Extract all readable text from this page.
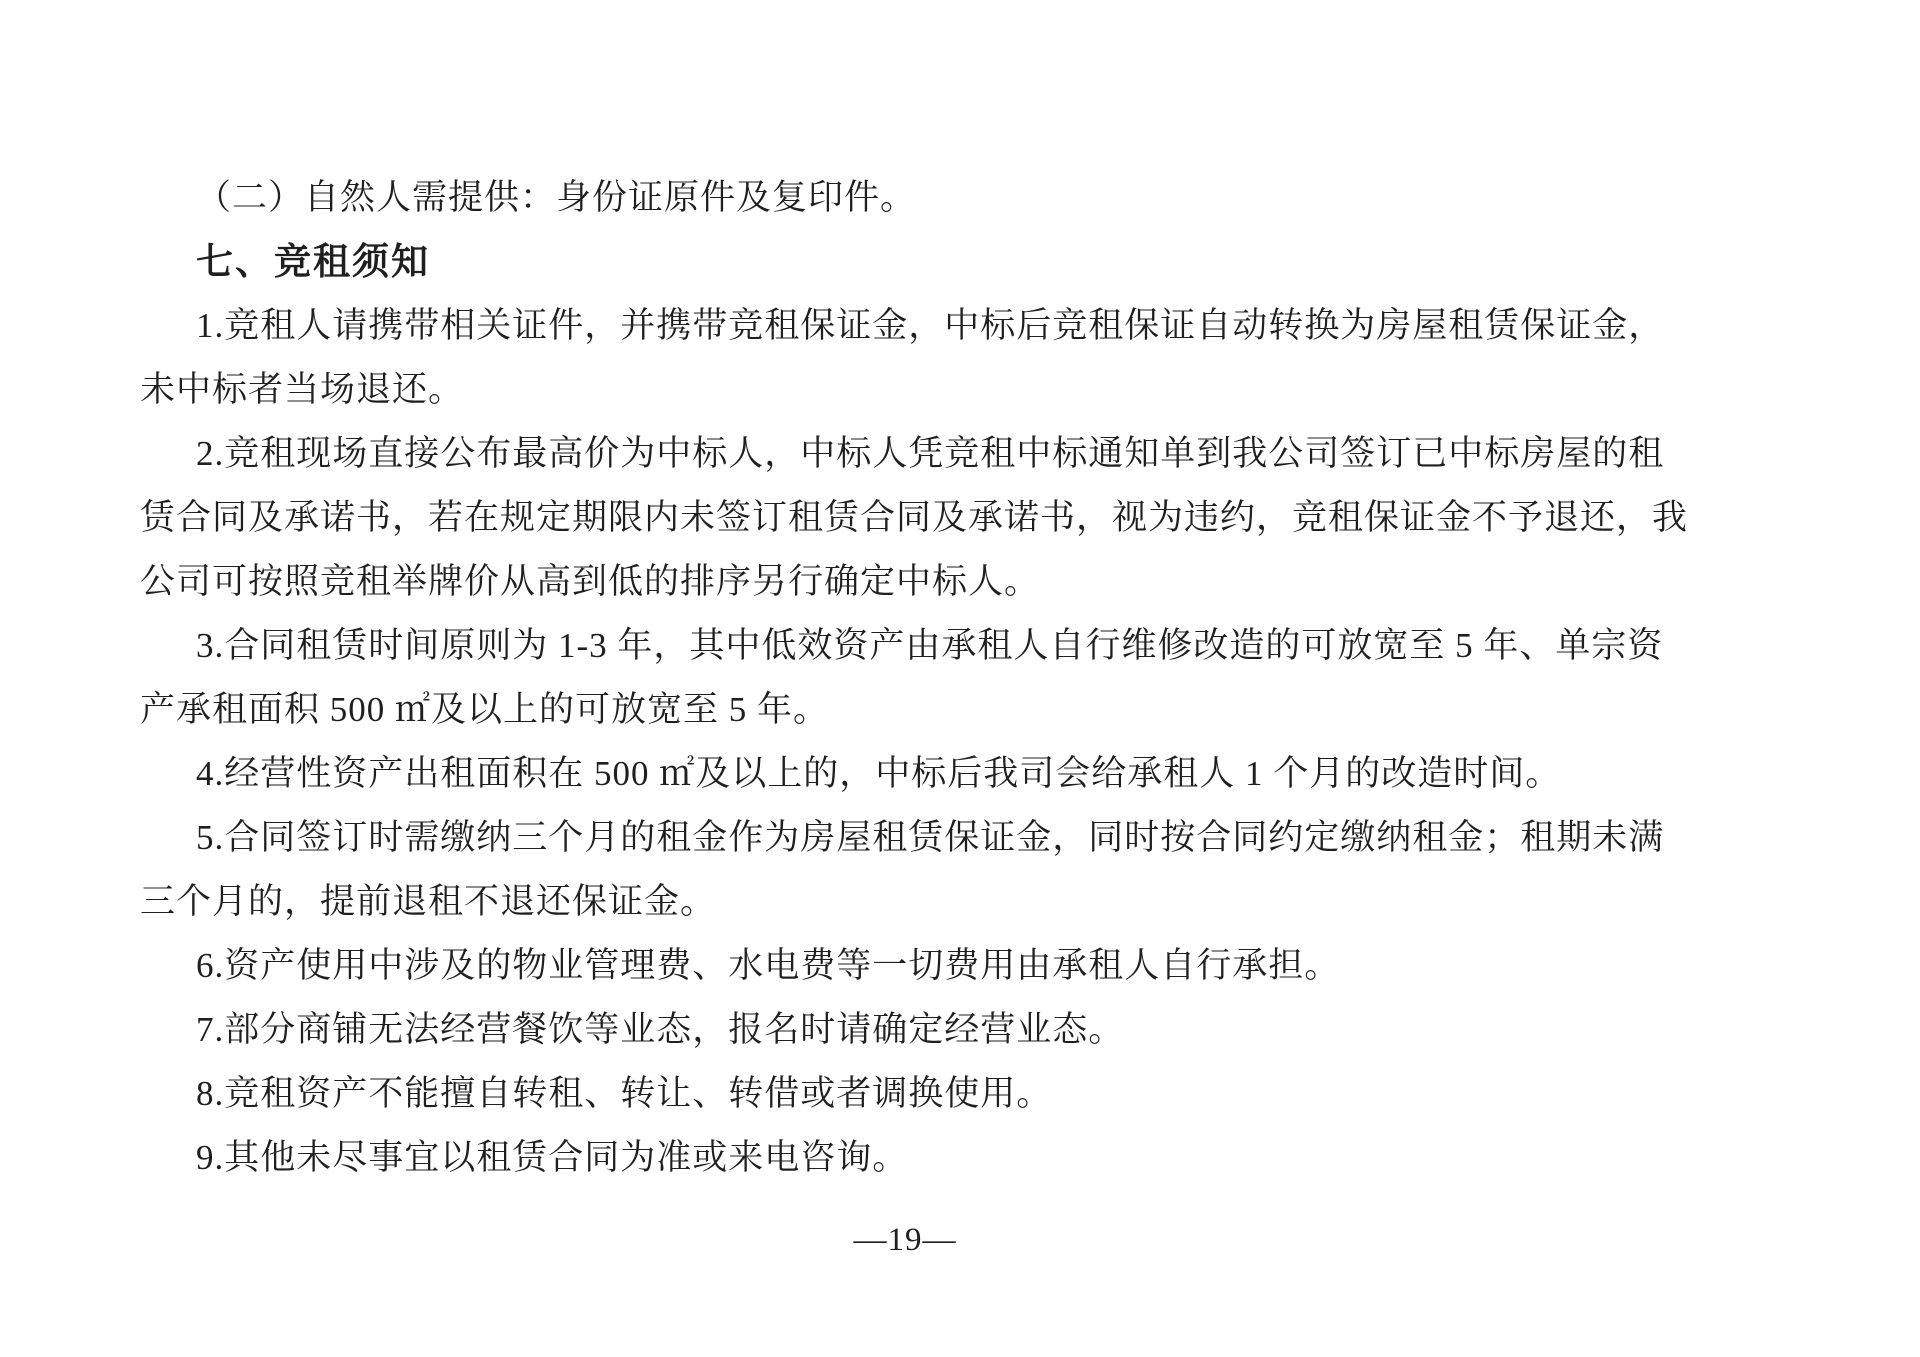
（二）自然人需提供：身份证原件及复印件。
七、竞租须知
1.竞租人请携带相关证件，并携带竞租保证金，中标后竞租保证自动转换为房屋租赁保证金，
未中标者当场退还。
2.竞租现场直接公布最高价为中标人，中标人凭竞租中标通知单到我公司签订已中标房屋的租
赁合同及承诺书，若在规定期限内未签订租赁合同及承诺书，视为违约，竞租保证金不予退还，我
公司可按照竞租举牌价从高到低的排序另行确定中标人。
3.合同租赁时间原则为 1-3 年，其中低效资产由承租人自行维修改造的可放宽至 5 年、单宗资
产承租面积 500 ㎡及以上的可放宽至 5 年。
4.经营性资产出租面积在 500 ㎡及以上的，中标后我司会给承租人 1 个月的改造时间。
5.合同签订时需缴纳三个月的租金作为房屋租赁保证金，同时按合同约定缴纳租金；租期未满
三个月的，提前退租不退还保证金。
6.资产使用中涉及的物业管理费、水电费等一切费用由承租人自行承担。
7.部分商铺无法经营餐饮等业态，报名时请确定经营业态。
8.竞租资产不能擅自转租、转让、转借或者调换使用。
9.其他未尽事宜以租赁合同为准或来电咨询。
—19—
